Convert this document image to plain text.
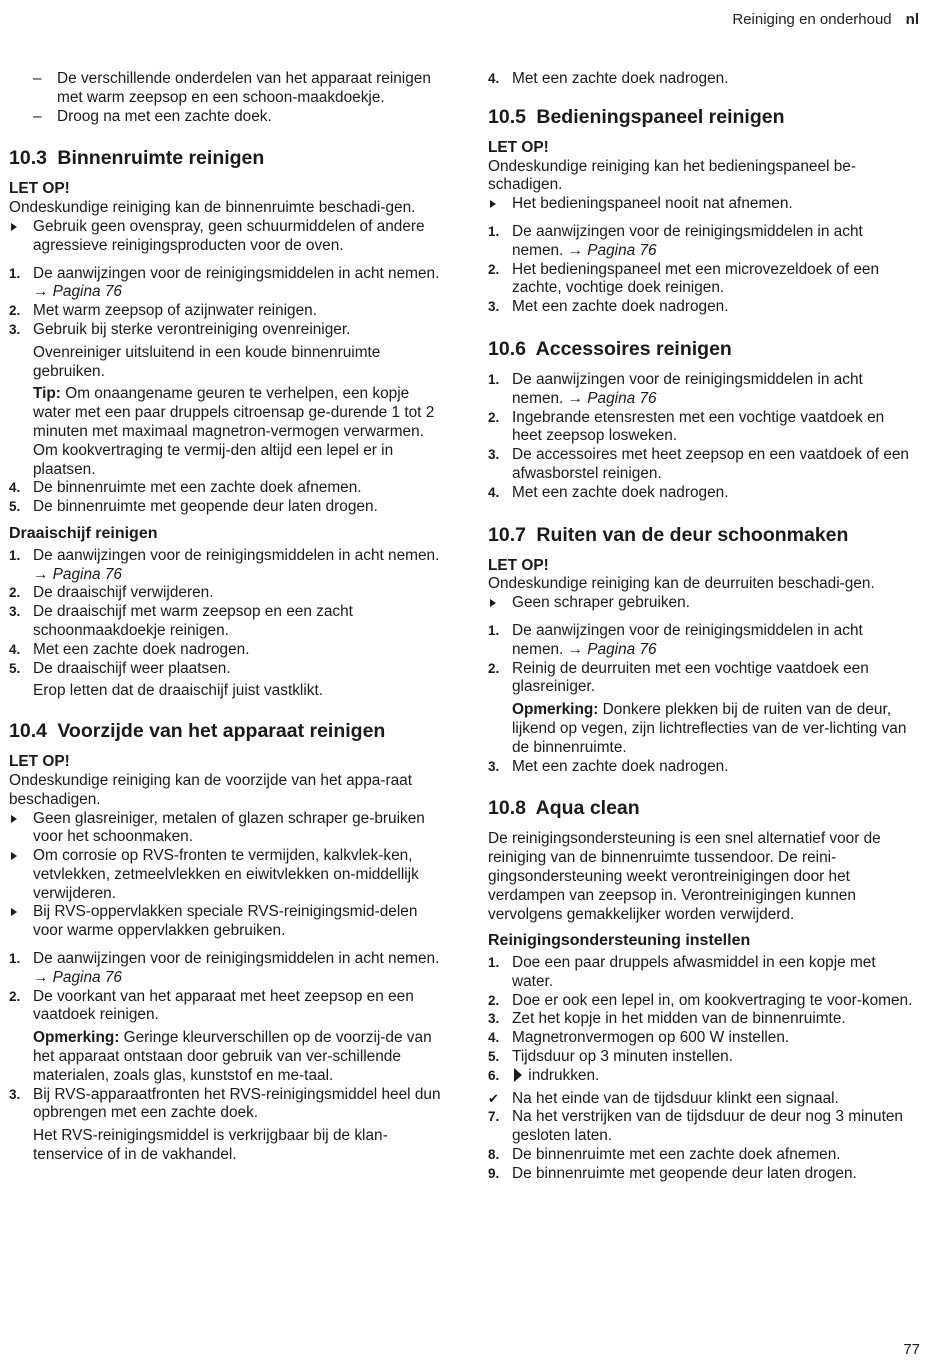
Reiniging en onderhoud nl
–	De verschillende onderdelen van het apparaat reinigen met warm zeepsop en een schoon-maakdoekje.
–	Droog na met een zachte doek.
10.3 Binnenruimte reinigen
LET OP!
Ondeskundige reiniging kan de binnenruimte beschadi-gen.
Gebruik geen ovenspray, geen schuurmiddelen of andere agressieve reinigingsproducten voor de oven.
1. De aanwijzingen voor de reinigingsmiddelen in acht nemen. → Pagina 76
2. Met warm zeepsop of azijnwater reinigen.
3. Gebruik bij sterke verontreiniging ovenreiniger.
Ovenreiniger uitsluitend in een koude binnenruimte gebruiken.
Tip: Om onaangename geuren te verhelpen, een kopje water met een paar druppels citroensap ge-durende 1 tot 2 minuten met maximaal magnetron-vermogen verwarmen. Om kookvertraging te vermij-den altijd een lepel er in plaatsen.
4. De binnenruimte met een zachte doek afnemen.
5. De binnenruimte met geopende deur laten drogen.
Draaischijf reinigen
1. De aanwijzingen voor de reinigingsmiddelen in acht nemen. → Pagina 76
2. De draaischijf verwijderen.
3. De draaischijf met warm zeepsop en een zacht schoonmaakdoekje reinigen.
4. Met een zachte doek nadrogen.
5. De draaischijf weer plaatsen.
Erop letten dat de draaischijf juist vastklikt.
10.4 Voorzijde van het apparaat reinigen
LET OP!
Ondeskundige reiniging kan de voorzijde van het appa-raat beschadigen.
Geen glasreiniger, metalen of glazen schraper ge-bruiken voor het schoonmaken.
Om corrosie op RVS-fronten te vermijden, kalkvlek-ken, vetvlekken, zetmeelvlekken en eiwitvlekken on-middellijk verwijderen.
Bij RVS-oppervlakken speciale RVS-reinigingsmid-delen voor warme oppervlakken gebruiken.
1. De aanwijzingen voor de reinigingsmiddelen in acht nemen. → Pagina 76
2. De voorkant van het apparaat met heet zeepsop en een vaatdoek reinigen.
Opmerking: Geringe kleurverschillen op de voorzij-de van het apparaat ontstaan door gebruik van ver-schillende materialen, zoals glas, kunststof en me-taal.
3. Bij RVS-apparaatfronten het RVS-reinigingsmiddel heel dun opbrengen met een zachte doek.
Het RVS-reinigingsmiddel is verkrijgbaar bij de klan-tenservice of in de vakhandel.
4. Met een zachte doek nadrogen.
10.5 Bedieningspaneel reinigen
LET OP!
Ondeskundige reiniging kan het bedieningspaneel be-schadigen.
Het bedieningspaneel nooit nat afnemen.
1. De aanwijzingen voor de reinigingsmiddelen in acht nemen. → Pagina 76
2. Het bedieningspaneel met een microvezeldoek of een zachte, vochtige doek reinigen.
3. Met een zachte doek nadrogen.
10.6 Accessoires reinigen
1. De aanwijzingen voor de reinigingsmiddelen in acht nemen. → Pagina 76
2. Ingebrande etensresten met een vochtige vaatdoek en heet zeepsop losweken.
3. De accessoires met heet zeepsop en een vaatdoek of een afwasborstel reinigen.
4. Met een zachte doek nadrogen.
10.7 Ruiten van de deur schoonmaken
LET OP!
Ondeskundige reiniging kan de deurruiten beschadi-gen.
Geen schraper gebruiken.
1. De aanwijzingen voor de reinigingsmiddelen in acht nemen. → Pagina 76
2. Reinig de deurruiten met een vochtige vaatdoek een glasreiniger.
Opmerking: Donkere plekken bij de ruiten van de deur, lijkend op vegen, zijn lichtreflecties van de ver-lichting van de binnenruimte.
3. Met een zachte doek nadrogen.
10.8 Aqua clean
De reinigingsondersteuning is een snel alternatief voor de reiniging van de binnenruimte tussendoor. De reini-gingsondersteuning weekt verontreinigingen door het verdampen van zeepsop in. Verontreinigingen kunnen vervolgens gemakkelijker worden verwijderd.
Reinigingsondersteuning instellen
1. Doe een paar druppels afwasmiddel in een kopje met water.
2. Doe er ook een lepel in, om kookvertraging te voor-komen.
3. Zet het kopje in het midden van de binnenruimte.
4. Magnetronvermogen op 600 W instellen.
5. Tijdsduur op 3 minuten instellen.
6.	indrukken.
✔ Na het einde van de tijdsduur klinkt een signaal.
7. Na het verstrijken van de tijdsduur de deur nog 3 minuten gesloten laten.
8. De binnenruimte met een zachte doek afnemen.
9. De binnenruimte met geopende deur laten drogen.
77
